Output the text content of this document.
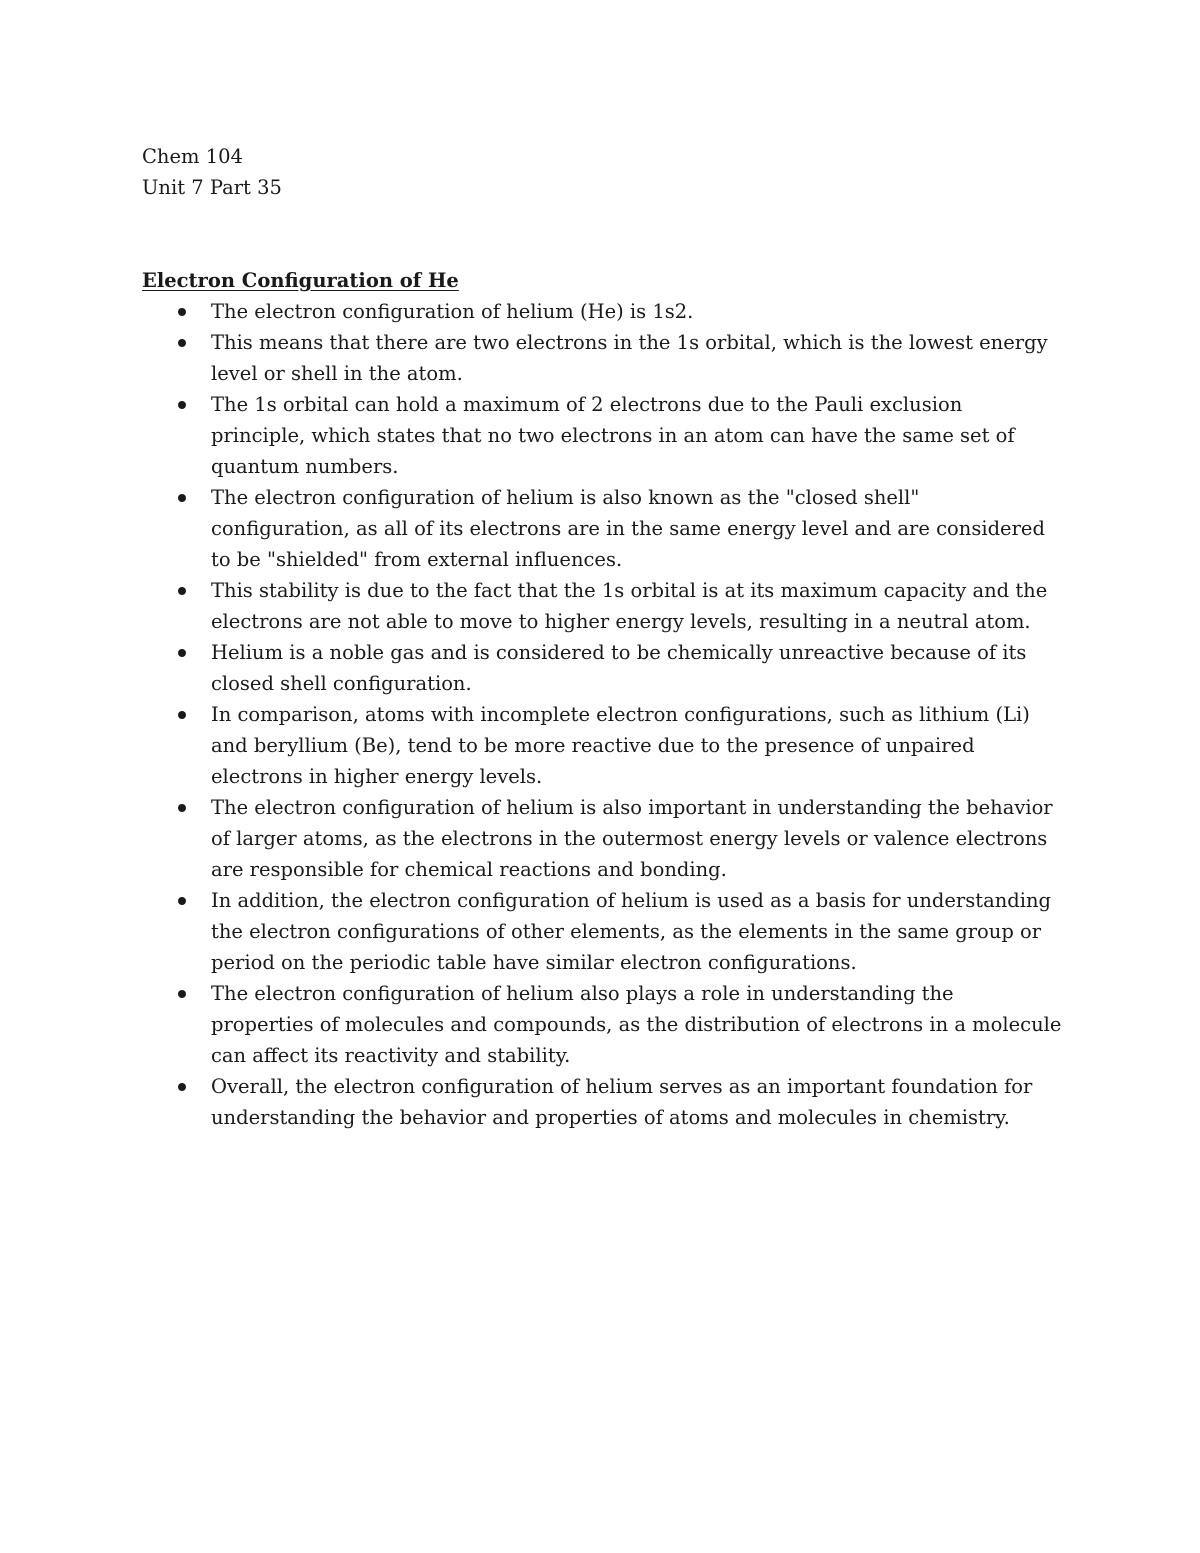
Chem 104
Unit 7 Part 35
Electron Configuration of He
The electron configuration of helium (He) is 1s2.
This means that there are two electrons in the 1s orbital, which is the lowest energy level or shell in the atom.
The 1s orbital can hold a maximum of 2 electrons due to the Pauli exclusion principle, which states that no two electrons in an atom can have the same set of quantum numbers.
The electron configuration of helium is also known as the "closed shell" configuration, as all of its electrons are in the same energy level and are considered to be "shielded" from external influences.
This stability is due to the fact that the 1s orbital is at its maximum capacity and the electrons are not able to move to higher energy levels, resulting in a neutral atom.
Helium is a noble gas and is considered to be chemically unreactive because of its closed shell configuration.
In comparison, atoms with incomplete electron configurations, such as lithium (Li) and beryllium (Be), tend to be more reactive due to the presence of unpaired electrons in higher energy levels.
The electron configuration of helium is also important in understanding the behavior of larger atoms, as the electrons in the outermost energy levels or valence electrons are responsible for chemical reactions and bonding.
In addition, the electron configuration of helium is used as a basis for understanding the electron configurations of other elements, as the elements in the same group or period on the periodic table have similar electron configurations.
The electron configuration of helium also plays a role in understanding the properties of molecules and compounds, as the distribution of electrons in a molecule can affect its reactivity and stability.
Overall, the electron configuration of helium serves as an important foundation for understanding the behavior and properties of atoms and molecules in chemistry.
